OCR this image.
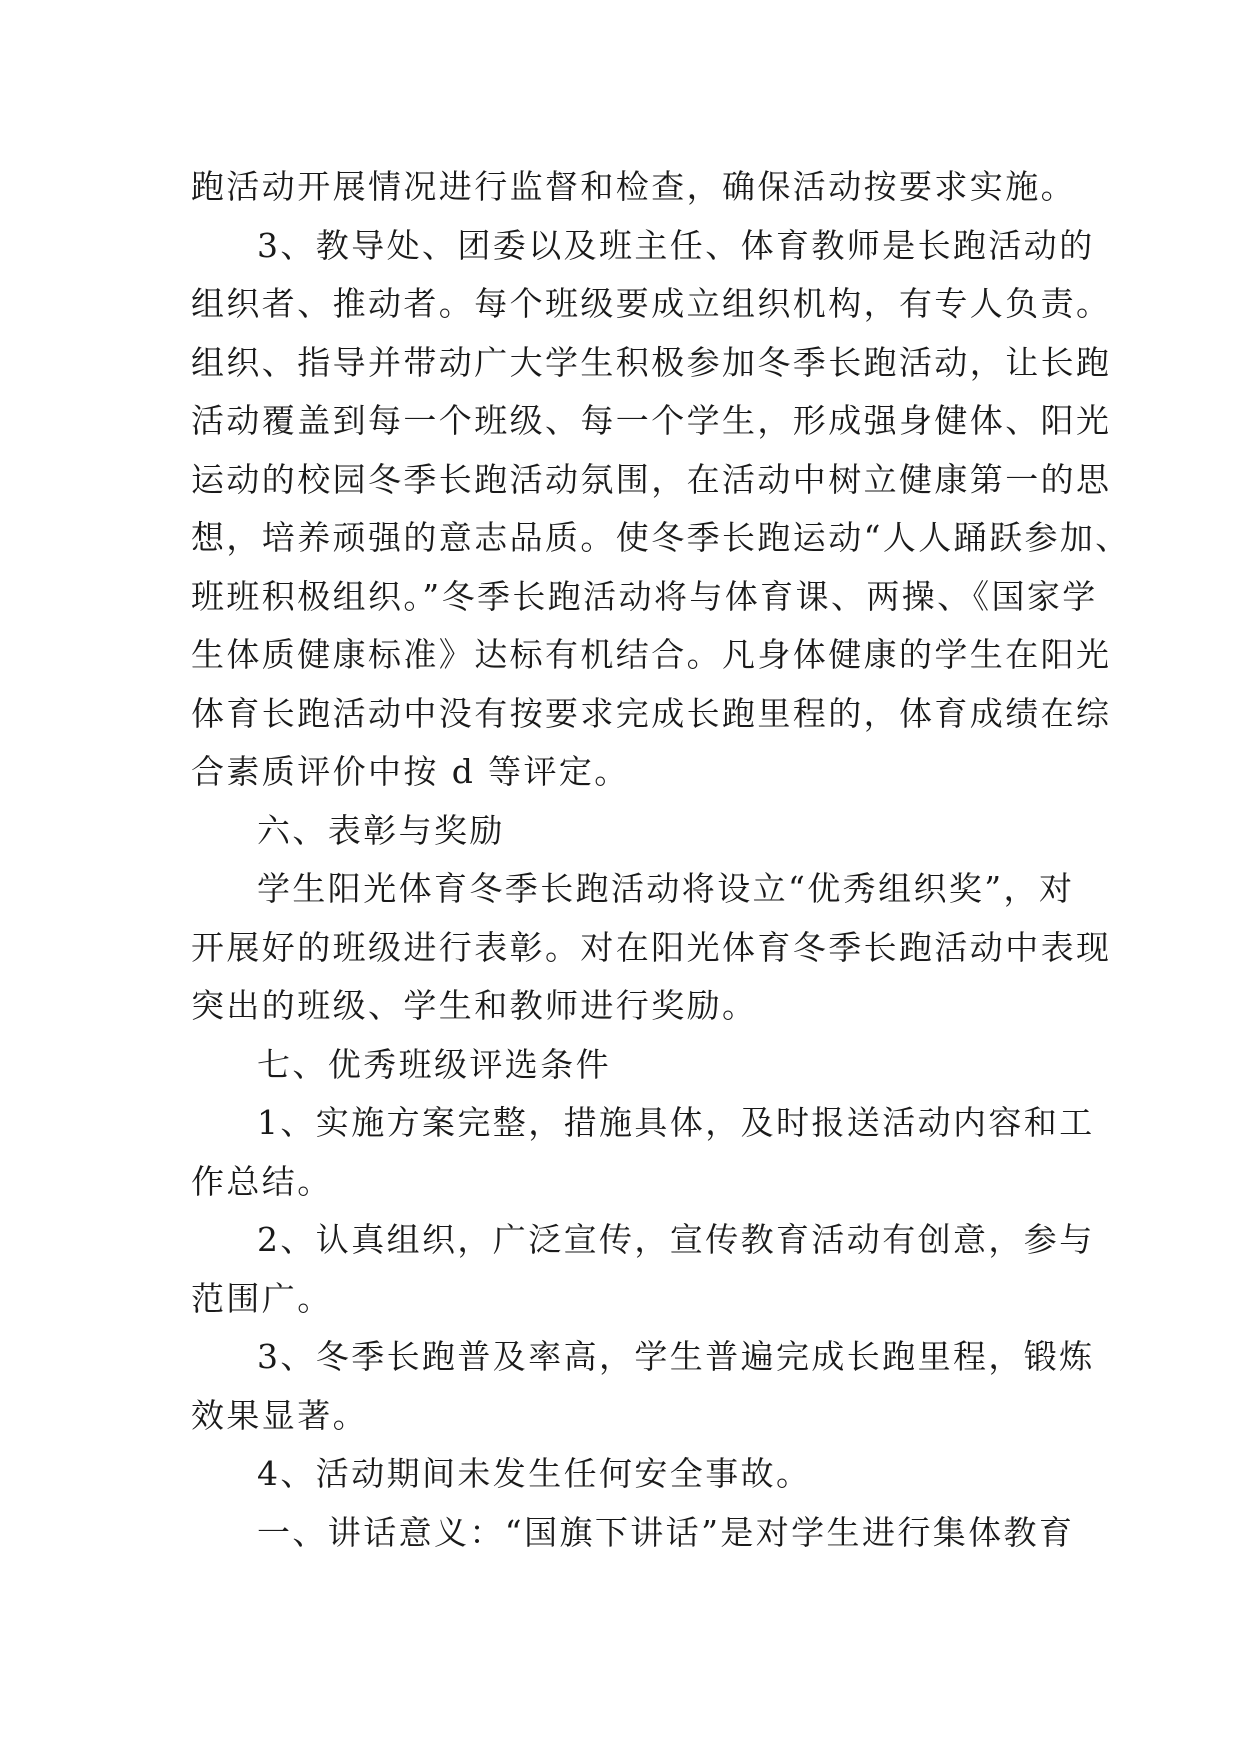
跑活动开展情况进行监督和检查，确保活动按要求实施。
3、教导处、团委以及班主任、体育教师是长跑活动的
组织者、推动者。每个班级要成立组织机构，有专人负责。
组织、指导并带动广大学生积极参加冬季长跑活动，让长跑
活动覆盖到每一个班级、每一个学生，形成强身健体、阳光
运动的校园冬季长跑活动氛围，在活动中树立健康第一的思
想，培养顽强的意志品质。使冬季长跑运动“人人踊跃参加、
班班积极组织。”冬季长跑活动将与体育课、两操、《国家学
生体质健康标准》达标有机结合。凡身体健康的学生在阳光
体育长跑活动中没有按要求完成长跑里程的，体育成绩在综
合素质评价中按 d 等评定。
六、表彰与奖励
学生阳光体育冬季长跑活动将设立“优秀组织奖”，对
开展好的班级进行表彰。对在阳光体育冬季长跑活动中表现
突出的班级、学生和教师进行奖励。
七、优秀班级评选条件
1、实施方案完整，措施具体，及时报送活动内容和工
作总结。
2、认真组织，广泛宣传，宣传教育活动有创意，参与
范围广。
3、冬季长跑普及率高，学生普遍完成长跑里程，锻炼
效果显著。
4、活动期间未发生任何安全事故。
一、讲话意义：“国旗下讲话”是对学生进行集体教育
